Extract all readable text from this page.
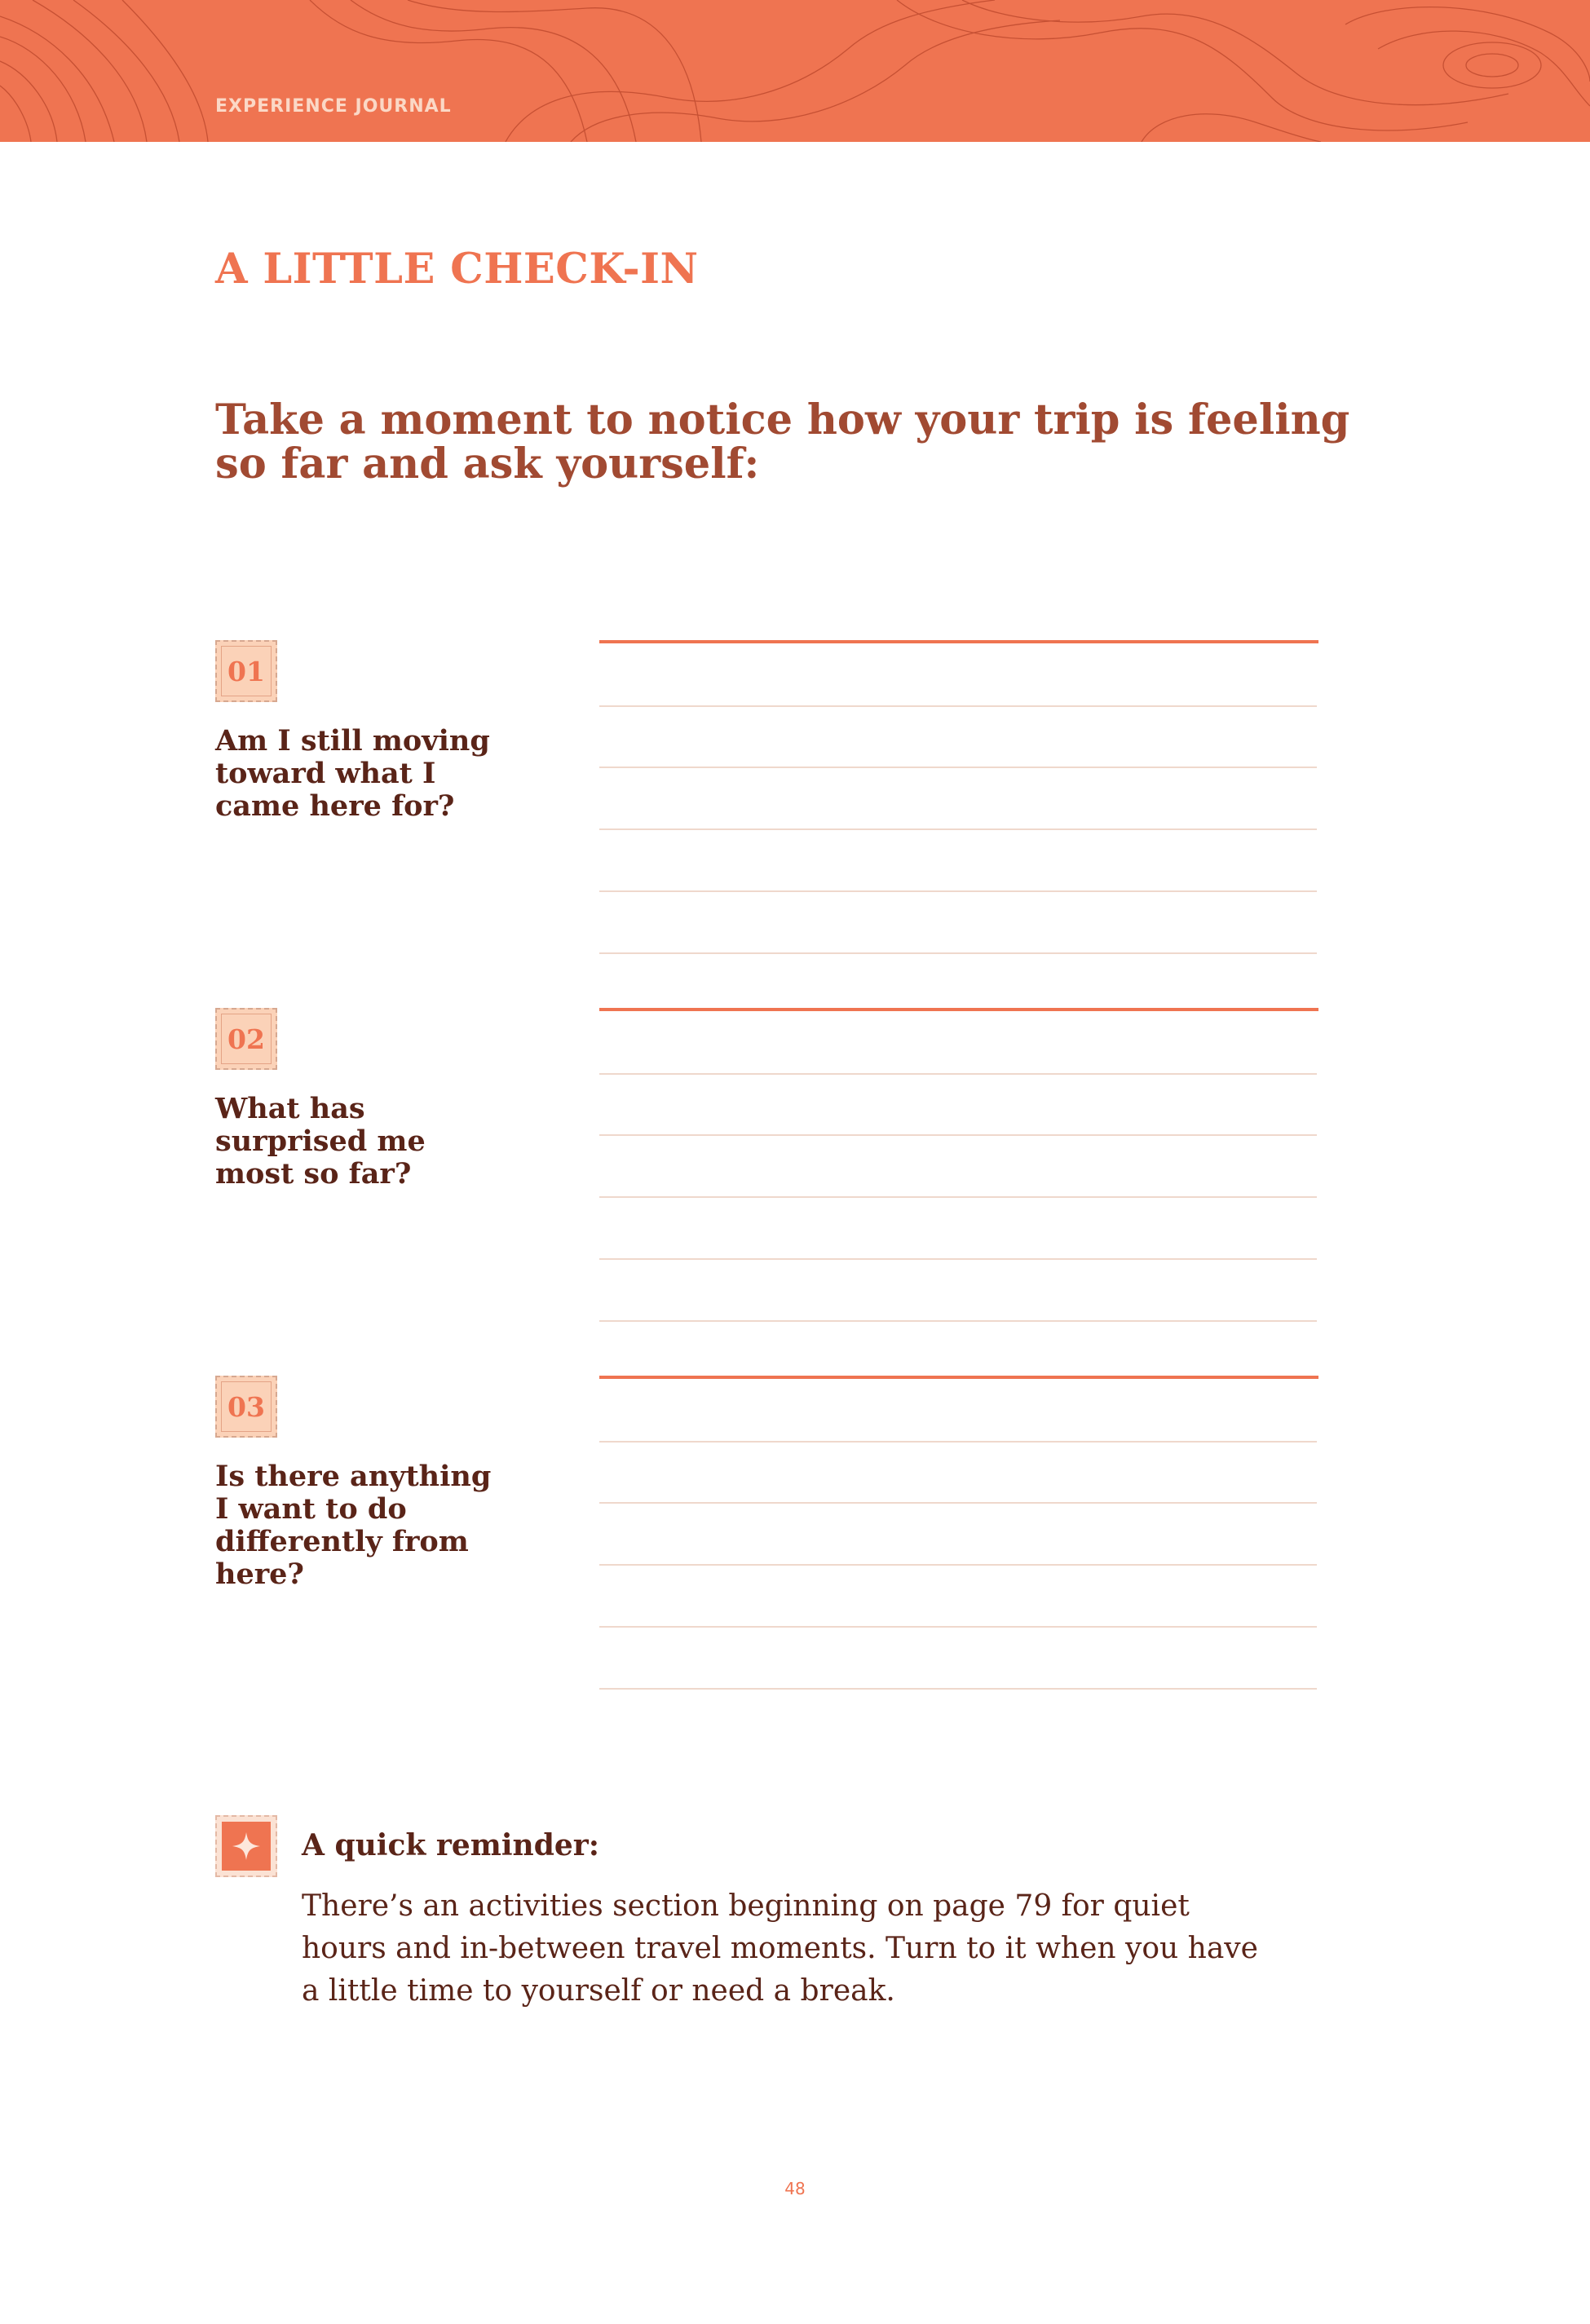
EXPERIENCE JOURNAL
A LITTLE CHECK-IN

Take a moment to notice how your trip is feeling so far and ask yourself:

01
Am I still moving toward what I came here for?
02
What has surprised me most so far?
03
Is there anything I want to do differently from here?
A quick reminder:

There’s an activities section beginning on page 79 for quiet hours and in-between travel moments. Turn to it when you have a little time to yourself or need a break.

48
